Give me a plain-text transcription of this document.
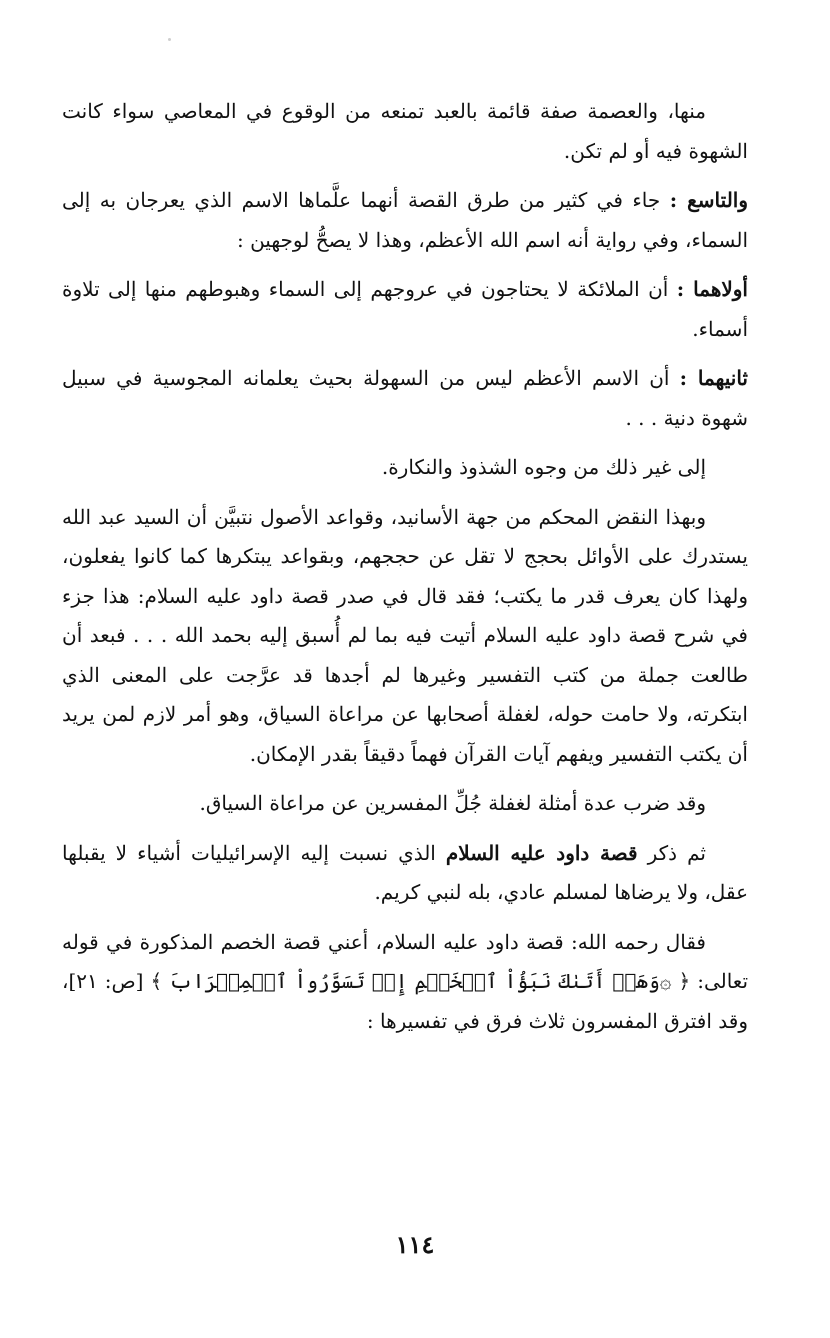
منها، والعصمة صفة قائمة بالعبد تمنعه من الوقوع في المعاصي سواء كانت الشهوة فيه أو لم تكن.

والتاسع : جاء في كثير من طرق القصة أنهما علَّماها الاسم الذي يعرجان به إلى السماء، وفي رواية أنه اسم الله الأعظم، وهذا لا يصحُّ لوجهين :

أولاهما : أن الملائكة لا يحتاجون في عروجهم إلى السماء وهبوطهم منها إلى تلاوة أسماء.

ثانيهما : أن الاسم الأعظم ليس من السهولة بحيث يعلمانه المجوسية في سبيل شهوة دنية . . .

إلى غير ذلك من وجوه الشذوذ والنكارة.

وبهذا النقض المحكم من جهة الأسانيد، وقواعد الأصول نتبيَّن أن السيد عبد الله يستدرك على الأوائل بحجج لا تقل عن حججهم، وبقواعد يبتكرها كما كانوا يفعلون، ولهذا كان يعرف قدر ما يكتب؛ فقد قال في صدر قصة داود عليه السلام: هذا جزء في شرح قصة داود عليه السلام أتيت فيه بما لم أُسبق إليه بحمد الله . . . فبعد أن طالعت جملة من كتب التفسير وغيرها لم أجدها قد عرَّجت على المعنى الذي ابتكرته، ولا حامت حوله، لغفلة أصحابها عن مراعاة السياق، وهو أمر لازم لمن يريد أن يكتب التفسير ويفهم آيات القرآن فهماً دقيقاً بقدر الإمكان.

وقد ضرب عدة أمثلة لغفلة جُلِّ المفسرين عن مراعاة السياق.

ثم ذكر قصة داود عليه السلام الذي نسبت إليه الإسرائيليات أشياء لا يقبلها عقل، ولا يرضاها لمسلم عادي، بله لنبي كريم.

فقال رحمه الله: قصة داود عليه السلام، أعني قصة الخصم المذكورة في قوله تعالى: ﴿ ۞وَهَلۡ أَتَىٰكَ نَبَؤُاْ ٱلۡخَصۡمِ إِذۡ تَسَوَّرُواْ ٱلۡمِحۡرَابَ ﴾ [ص: ٢١]، وقد افترق المفسرون ثلاث فرق في تفسيرها :

١١٤
